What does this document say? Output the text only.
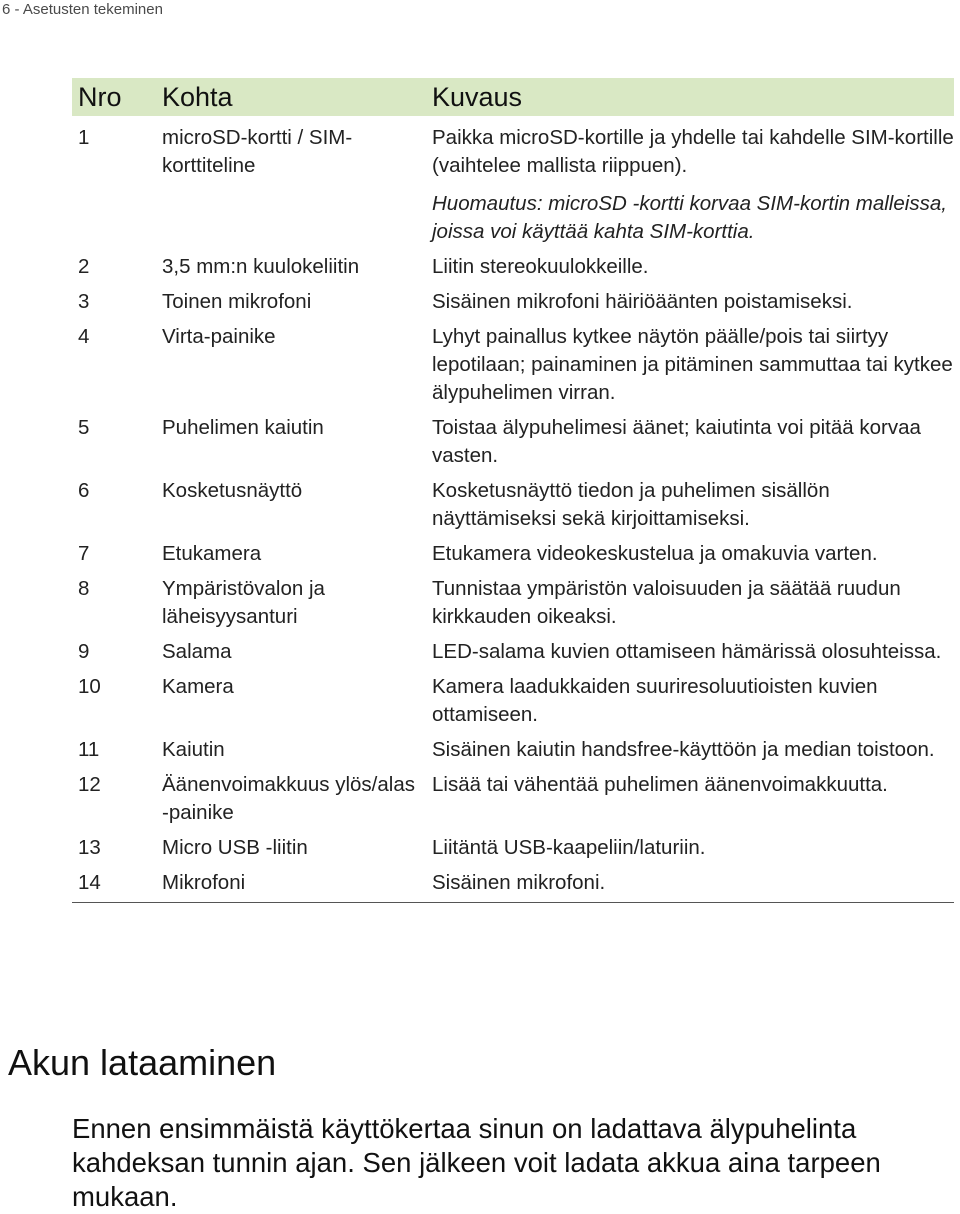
6 - Asetusten tekeminen
Nro	Kohta	Kuvaus
1	microSD-kortti / SIM-korttiteline	Paikka microSD-kortille ja yhdelle tai kahdelle SIM-kortille (vaihtelee mallista riippuen).
Huomautus: microSD -kortti korvaa SIM-kortin malleissa, joissa voi käyttää kahta SIM-korttia.

2	3,5 mm:n kuulokeliitin	Liitin stereokuulokkeille.
3	Toinen mikrofoni	Sisäinen mikrofoni häiriöäänten poistamiseksi.
4	Virta-painike	Lyhyt painallus kytkee näytön päälle/pois tai siirtyy lepotilaan; painaminen ja pitäminen sammuttaa tai kytkee älypuhelimen virran.
5	Puhelimen kaiutin	Toistaa älypuhelimesi äänet; kaiutinta voi pitää korvaa vasten.
6	Kosketusnäyttö	Kosketusnäyttö tiedon ja puhelimen sisällön näyttämiseksi sekä kirjoittamiseksi.
7	Etukamera	Etukamera videokeskustelua ja omakuvia varten.
8	Ympäristövalon ja läheisyysanturi	Tunnistaa ympäristön valoisuuden ja säätää ruudun kirkkauden oikeaksi.
9	Salama	LED-salama kuvien ottamiseen hämärissä olosuhteissa.
10	Kamera	Kamera laadukkaiden suuriresoluutioisten kuvien ottamiseen.
11	Kaiutin	Sisäinen kaiutin handsfree-käyttöön ja median toistoon.
12	Äänenvoimakkuus ylös/alas -painike	Lisää tai vähentää puhelimen äänenvoimakkuutta.
13	Micro USB -liitin	Liitäntä USB-kaapeliin/laturiin.
14	Mikrofoni	Sisäinen mikrofoni.
Akun lataaminen

Ennen ensimmäistä käyttökertaa sinun on ladattava älypuhelinta kahdeksan tunnin ajan. Sen jälkeen voit ladata akkua aina tarpeen mukaan.
